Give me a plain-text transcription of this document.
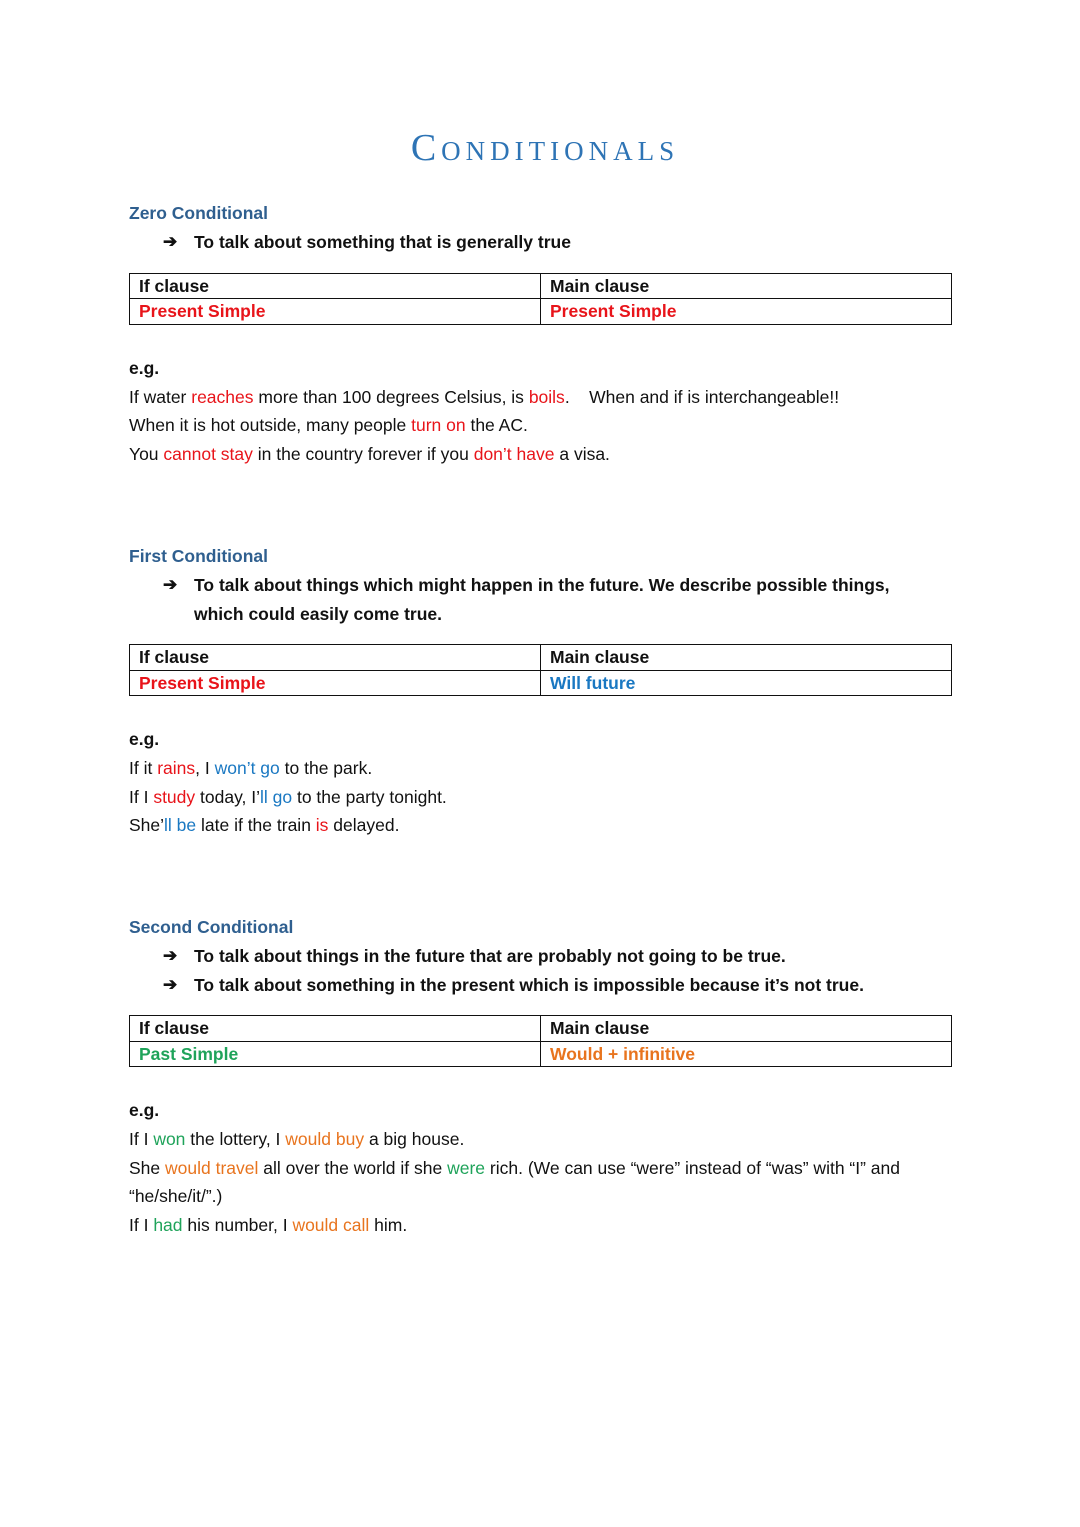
Conditionals
Zero Conditional
➔ To talk about something that is generally true
If clause	Main clause
Present Simple	Present Simple
e.g.
If water reaches more than 100 degrees Celsius, is boils.    When and if is interchangeable!!
When it is hot outside, many people turn on the AC.
You cannot stay in the country forever if you don’t have a visa.
First Conditional
➔ To talk about things which might happen in the future. We describe possible things, which could easily come true.
If clause	Main clause
Present Simple	Will future
e.g.
If it rains, I won’t go to the park.
If I study today, I’ll go to the party tonight.
She’ll be late if the train is delayed.
Second Conditional
➔ To talk about things in the future that are probably not going to be true.
➔ To talk about something in the present which is impossible because it’s not true.
If clause	Main clause
Past Simple	Would + infinitive
e.g.
If I won the lottery, I would buy a big house.
She would travel all over the world if she were rich. (We can use “were” instead of “was” with “I” and “he/she/it/”.)
If I had his number, I would call him.
